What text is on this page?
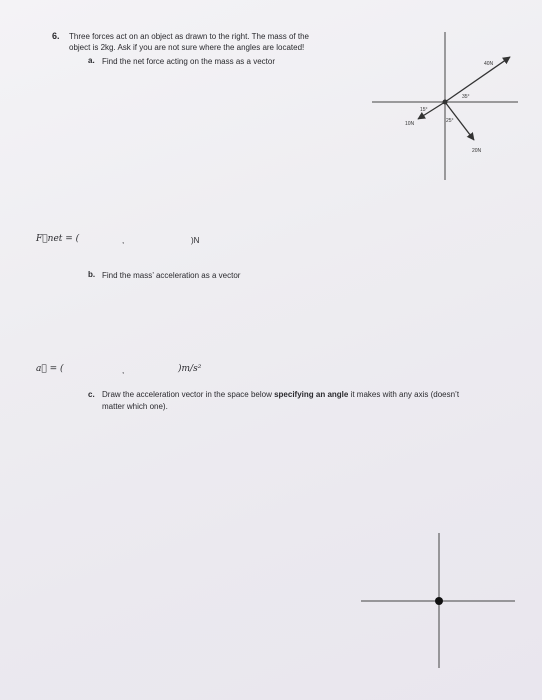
6. Three forces act on an object as drawn to the right. The mass of the
object is 2kg. Ask if you are not sure where the angles are located!
a. Find the net force acting on the mass as a vector	40N
20N
10N
35°
25°
15°
F⃗net = (	,	)N
b. Find the mass’ acceleration as a vector
a⃗ = (	,	)m/s²
c. Draw the acceleration vector in the space below specifying an angle it makes with any axis (doesn’t
matter which one).
